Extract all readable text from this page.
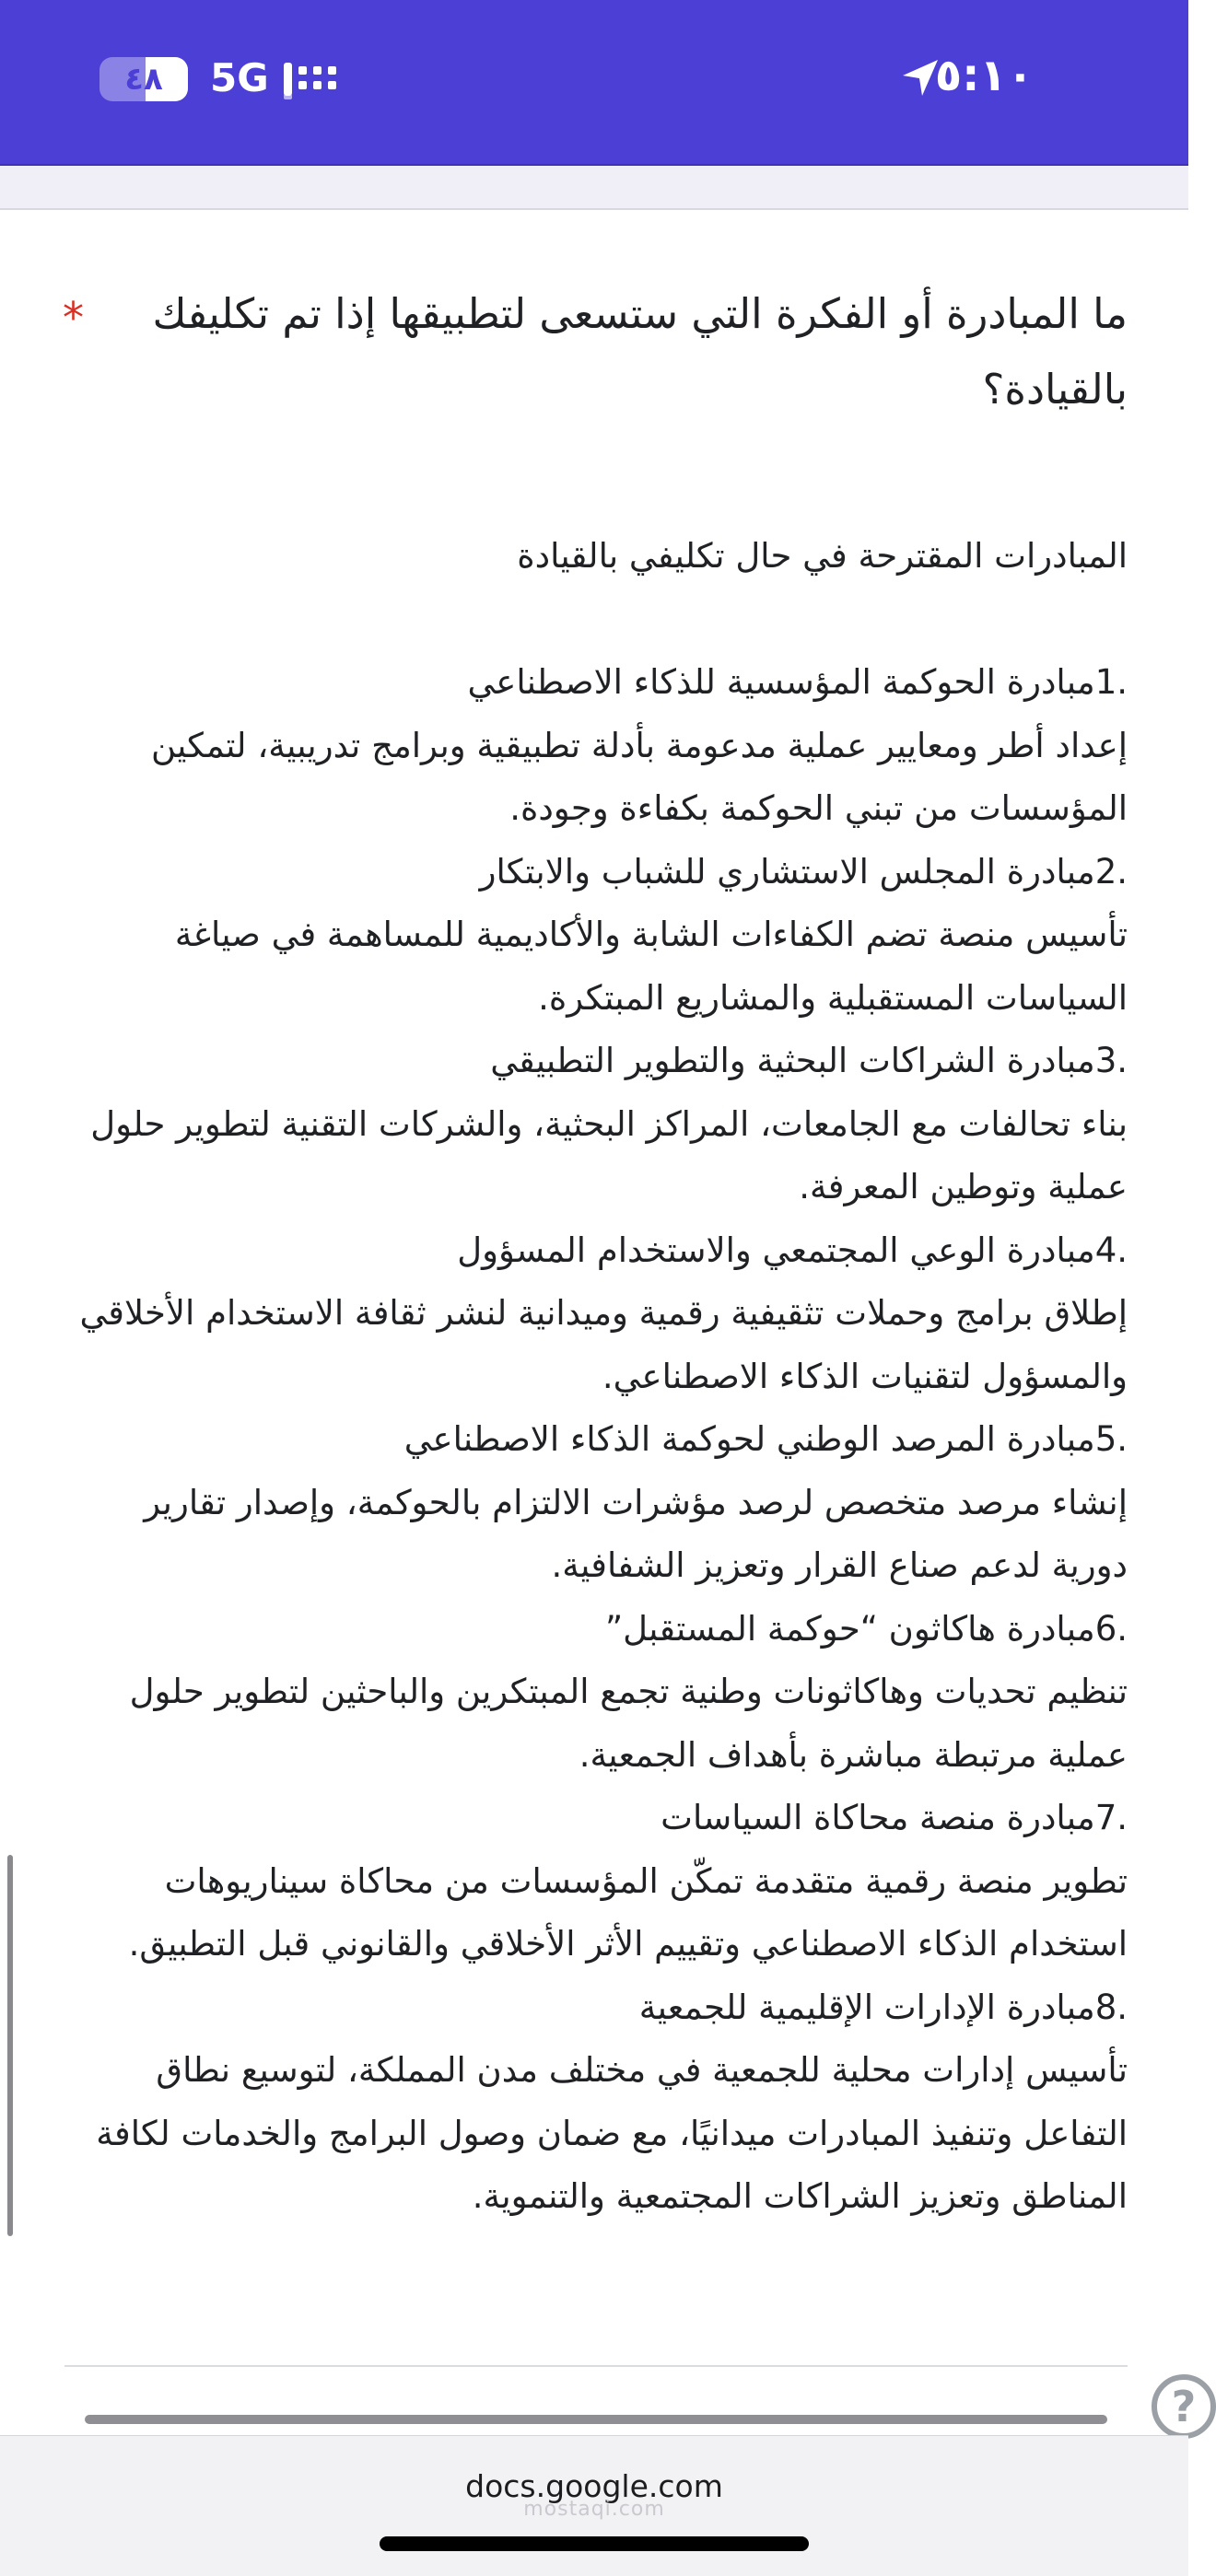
٤٨	5G	٥:١٠
*	ما المبادرة أو الفكرة التي ستسعى لتطبيقها إذا تم تكليفك بالقيادة؟

المبادرات المقترحة في حال تكليفي بالقيادة

.1مبادرة الحوكمة المؤسسية للذكاء الاصطناعي
إعداد أطر ومعايير عملية مدعومة بأدلة تطبيقية وبرامج تدريبية، لتمكين المؤسسات من تبني الحوكمة بكفاءة وجودة.
.2مبادرة المجلس الاستشاري للشباب والابتكار
تأسيس منصة تضم الكفاءات الشابة والأكاديمية للمساهمة في صياغة السياسات المستقبلية والمشاريع المبتكرة.
.3مبادرة الشراكات البحثية والتطوير التطبيقي
بناء تحالفات مع الجامعات، المراكز البحثية، والشركات التقنية لتطوير حلول عملية وتوطين المعرفة.
.4مبادرة الوعي المجتمعي والاستخدام المسؤول
إطلاق برامج وحملات تثقيفية رقمية وميدانية لنشر ثقافة الاستخدام الأخلاقي والمسؤول لتقنيات الذكاء الاصطناعي.
.5مبادرة المرصد الوطني لحوكمة الذكاء الاصطناعي
إنشاء مرصد متخصص لرصد مؤشرات الالتزام بالحوكمة، وإصدار تقارير دورية لدعم صناع القرار وتعزيز الشفافية.
.6مبادرة هاكاثون “حوكمة المستقبل”
تنظيم تحديات وهاكاثونات وطنية تجمع المبتكرين والباحثين لتطوير حلول عملية مرتبطة مباشرة بأهداف الجمعية.
.7مبادرة منصة محاكاة السياسات
تطوير منصة رقمية متقدمة تمكّن المؤسسات من محاكاة سيناريوهات استخدام الذكاء الاصطناعي وتقييم الأثر الأخلاقي والقانوني قبل التطبيق.
.8مبادرة الإدارات الإقليمية للجمعية
تأسيس إدارات محلية للجمعية في مختلف مدن المملكة، لتوسيع نطاق التفاعل وتنفيذ المبادرات ميدانيًا، مع ضمان وصول البرامج والخدمات لكافة المناطق وتعزيز الشراكات المجتمعية والتنموية.
?
docs.google.com
mostaqi.com
